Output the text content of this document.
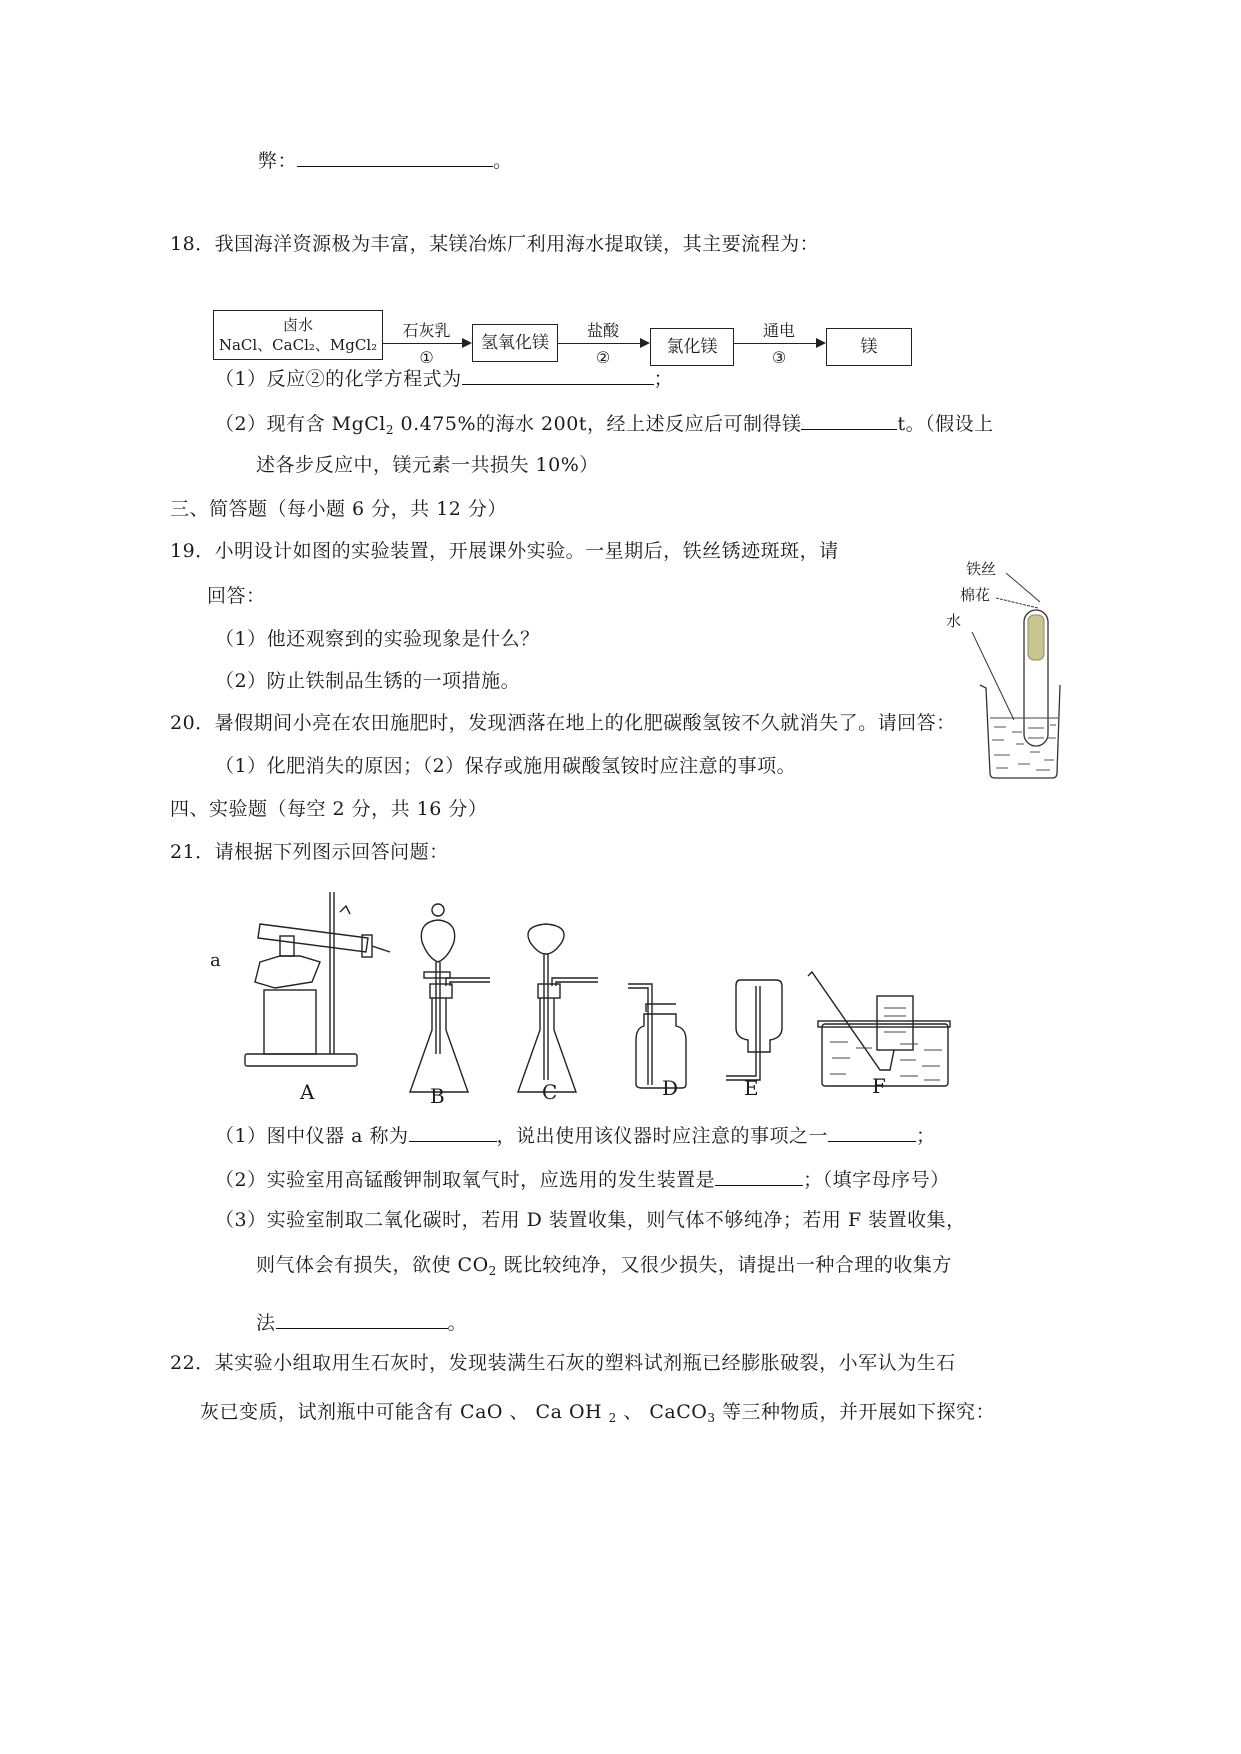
弊：	。
18．我国海洋资源极为丰富，某镁冶炼厂利用海水提取镁，其主要流程为：
卤水
NaCl、CaCl₂、MgCl₂
石灰乳
①
氢氧化镁
盐酸
②
氯化镁
通电
③
镁
（1）反应②的化学方程式为	；
（2）现有含 MgCl$_2$ 0.475%的海水 200t，经上述反应后可制得镁	t。（假设上
述各步反应中，镁元素一共损失 10%）
三、简答题（每小题 6 分，共 12 分）
19．小明设计如图的实验装置，开展课外实验。一星期后，铁丝锈迹斑斑，请
回答：
（1）他还观察到的实验现象是什么？
（2）防止铁制品生锈的一项措施。
铁丝
棉花
水
20．暑假期间小亮在农田施肥时，发现洒落在地上的化肥碳酸氢铵不久就消失了。请回答：
（1）化肥消失的原因；（2）保存或施用碳酸氢铵时应注意的事项。
四、实验题（每空 2 分，共 16 分）
21．请根据下列图示回答问题：
a
A	B	C	D	E	F
（1）图中仪器 a 称为	，说出使用该仪器时应注意的事项之一	；
（2）实验室用高锰酸钾制取氧气时，应选用的发生装置是	；（填字母序号）
（3）实验室制取二氧化碳时，若用 D 装置收集，则气体不够纯净；若用 F 装置收集，
则气体会有损失，欲使 $CO_2$ 既比较纯净，又很少损失，请提出一种合理的收集方
法	。
22．某实验小组取用生石灰时，发现装满生石灰的塑料试剂瓶已经膨胀破裂，小军认为生石
灰已变质，试剂瓶中可能含有 CaO 、 Ca OH $_2$ 、 CaCO$_3$ 等三种物质，并开展如下探究：
